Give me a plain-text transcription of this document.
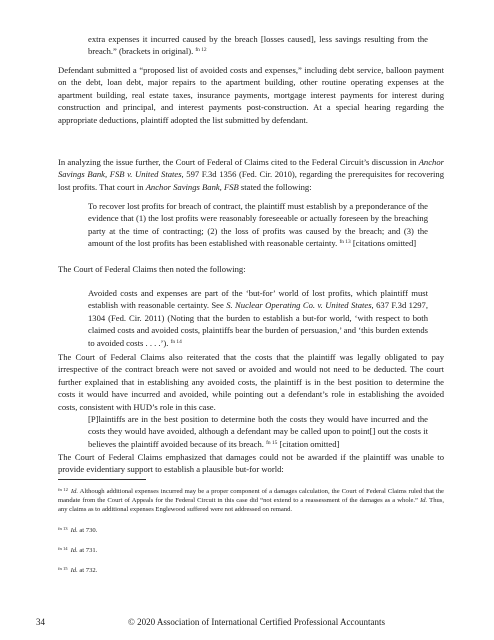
extra expenses it incurred caused by the breach [losses caused], less savings resulting from the breach.” (brackets in original). $^{fn 12}$

Defendant submitted a “proposed list of avoided costs and expenses,” including debt service, balloon payment on the debt, loan debt, major repairs to the apartment building, other routine operating expenses at the apartment building, real estate taxes, insurance payments, mortgage interest payments for interest during construction and principal, and interest payments post-construction. At a special hearing regarding the appropriate deductions, plaintiff adopted the list submitted by defendant.

In analyzing the issue further, the Court of Federal of Claims cited to the Federal Circuit’s discussion in Anchor Savings Bank, FSB v. United States, 597 F.3d 1356 (Fed. Cir. 2010), regarding the prerequisites for recovering lost profits. That court in Anchor Savings Bank, FSB stated the following:

To recover lost profits for breach of contract, the plaintiff must establish by a preponderance of the evidence that (1) the lost profits were reasonably foreseeable or actually foreseen by the breaching party at the time of contracting; (2) the loss of profits was caused by the breach; and (3) the amount of the lost profits has been established with reasonable certainty. $^{fn 13}$ [citations omitted]

The Court of Federal Claims then noted the following:

Avoided costs and expenses are part of the ‘but-for’ world of lost profits, which plaintiff must establish with reasonable certainty. See S. Nuclear Operating Co. v. United States, 637 F.3d 1297, 1304 (Fed. Cir. 2011) (Noting that the burden to establish a but-for world, ‘with respect to both claimed costs and avoided costs, plaintiffs bear the burden of persuasion,’ and ‘this burden extends to avoided costs . . . .’). $^{fn 14}$

The Court of Federal Claims also reiterated that the costs that the plaintiff was legally obligated to pay irrespective of the contract breach were not saved or avoided and would not need to be deducted. The court further explained that in establishing any avoided costs, the plaintiff is in the best position to determine the costs it would have incurred and avoided, while pointing out a defendant’s role in establishing the avoided costs, consistent with HUD’s role in this case.

[P]laintiffs are in the best position to determine both the costs they would have incurred and the costs they would have avoided, although a defendant may be called upon to point[] out the costs it believes the plaintiff avoided because of its breach. $^{fn 15}$ [citation omitted]

The Court of Federal Claims emphasized that damages could not be awarded if the plaintiff was unable to provide evidentiary support to establish a plausible but-for world:

$^{fn 12}$ Id. Although additional expenses incurred may be a proper component of a damages calculation, the Court of Federal Claims ruled that the mandate from the Court of Appeals for the Federal Circuit in this case did “not extend to a reassessment of the damages as a whole.” Id. Thus, any claims as to additional expenses Englewood suffered were not addressed on remand.

$^{fn 13}$ Id. at 730.

$^{fn 14}$ Id. at 731.

$^{fn 15}$ Id. at 732.

34	© 2020 Association of International Certified Professional Accountants
